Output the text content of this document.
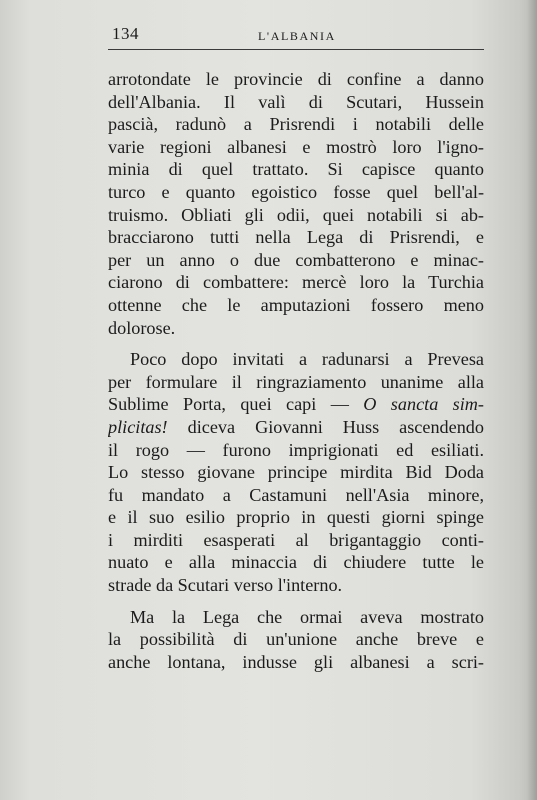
134	L'ALBANIA
arrotondate le provincie di confine a danno
dell'Albania. Il valì di Scutari, Hussein
pascià, radunò a Prisrendi i notabili delle
varie regioni albanesi e mostrò loro l'igno-
minia di quel trattato. Si capisce quanto
turco e quanto egoistico fosse quel bell'al-
truismo. Obliati gli odii, quei notabili si ab-
bracciarono tutti nella Lega di Prisrendi, e
per un anno o due combatterono e minac-
ciarono di combattere: mercè loro la Turchia
ottenne che le amputazioni fossero meno
dolorose.
Poco dopo invitati a radunarsi a Prevesa
per formulare il ringraziamento unanime alla
Sublime Porta, quei capi — O sancta sim-
plicitas! diceva Giovanni Huss ascendendo
il rogo — furono imprigionati ed esiliati.
Lo stesso giovane principe mirdita Bid Doda
fu mandato a Castamuni nell'Asia minore,
e il suo esilio proprio in questi giorni spinge
i mirditi esasperati al brigantaggio conti-
nuato e alla minaccia di chiudere tutte le
strade da Scutari verso l'interno.
Ma la Lega che ormai aveva mostrato
la possibilità di un'unione anche breve e
anche lontana, indusse gli albanesi a scri-
